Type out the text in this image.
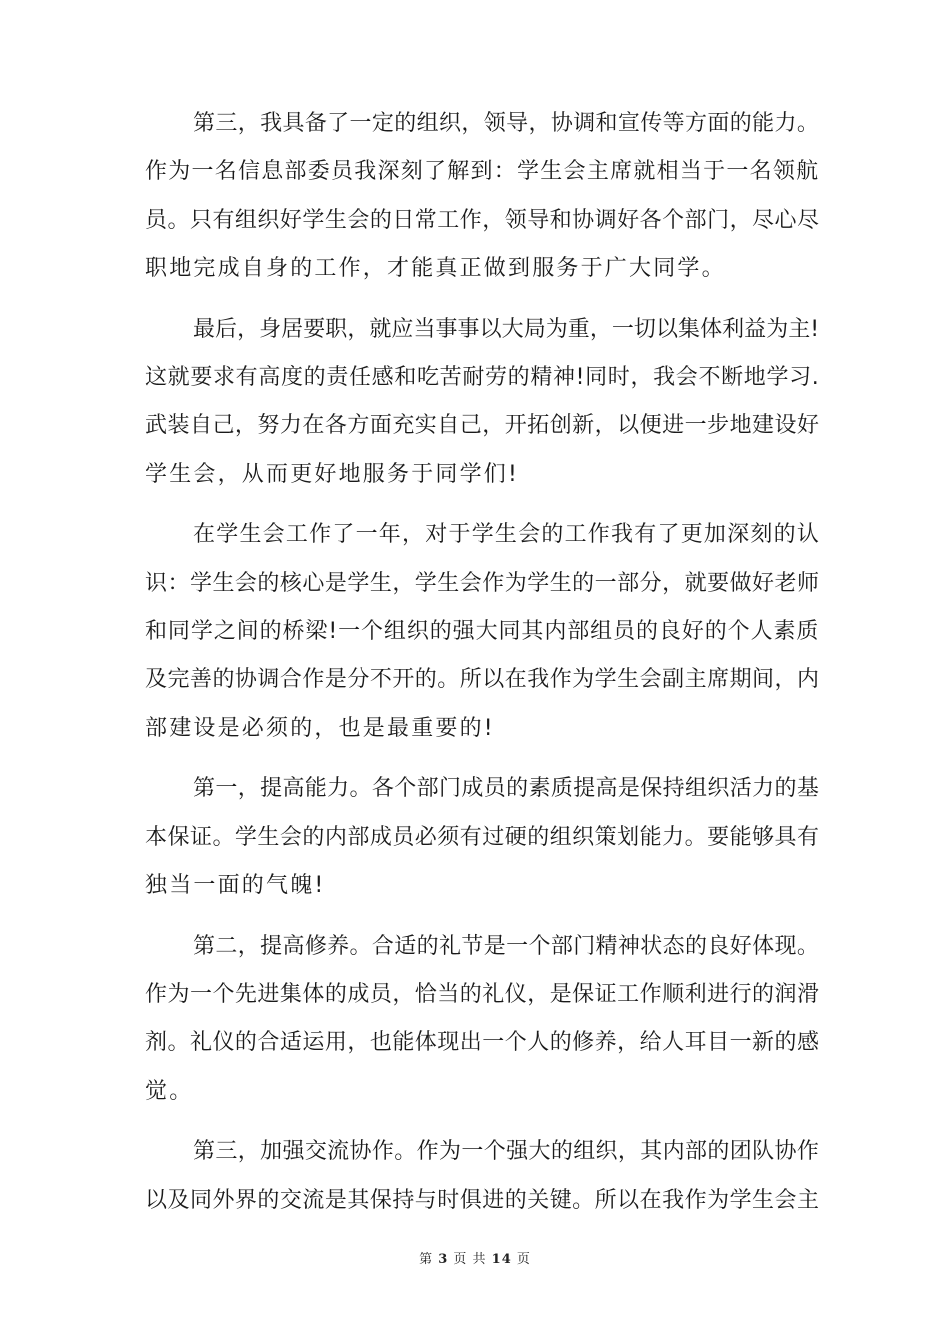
第三，我具备了一定的组织，领导，协调和宣传等方面的能力。
作为一名信息部委员我深刻了解到：学生会主席就相当于一名领航
员。只有组织好学生会的日常工作，领导和协调好各个部门，尽心尽
职地完成自身的工作，才能真正做到服务于广大同学。

最后，身居要职，就应当事事以大局为重，一切以集体利益为主!
这就要求有高度的责任感和吃苦耐劳的精神!同时，我会不断地学习.
武装自己，努力在各方面充实自己，开拓创新，以便进一步地建设好
学生会，从而更好地服务于同学们!

在学生会工作了一年，对于学生会的工作我有了更加深刻的认
识：学生会的核心是学生，学生会作为学生的一部分，就要做好老师
和同学之间的桥梁!一个组织的强大同其内部组员的良好的个人素质
及完善的协调合作是分不开的。所以在我作为学生会副主席期间，内
部建设是必须的，也是最重要的!

第一，提高能力。各个部门成员的素质提高是保持组织活力的基
本保证。学生会的内部成员必须有过硬的组织策划能力。要能够具有
独当一面的气魄!

第二，提高修养。合适的礼节是一个部门精神状态的良好体现。
作为一个先进集体的成员，恰当的礼仪，是保证工作顺利进行的润滑
剂。礼仪的合适运用，也能体现出一个人的修养，给人耳目一新的感
觉。

第三，加强交流协作。作为一个强大的组织，其内部的团队协作
以及同外界的交流是其保持与时俱进的关键。所以在我作为学生会主

第 3 页 共 14 页
